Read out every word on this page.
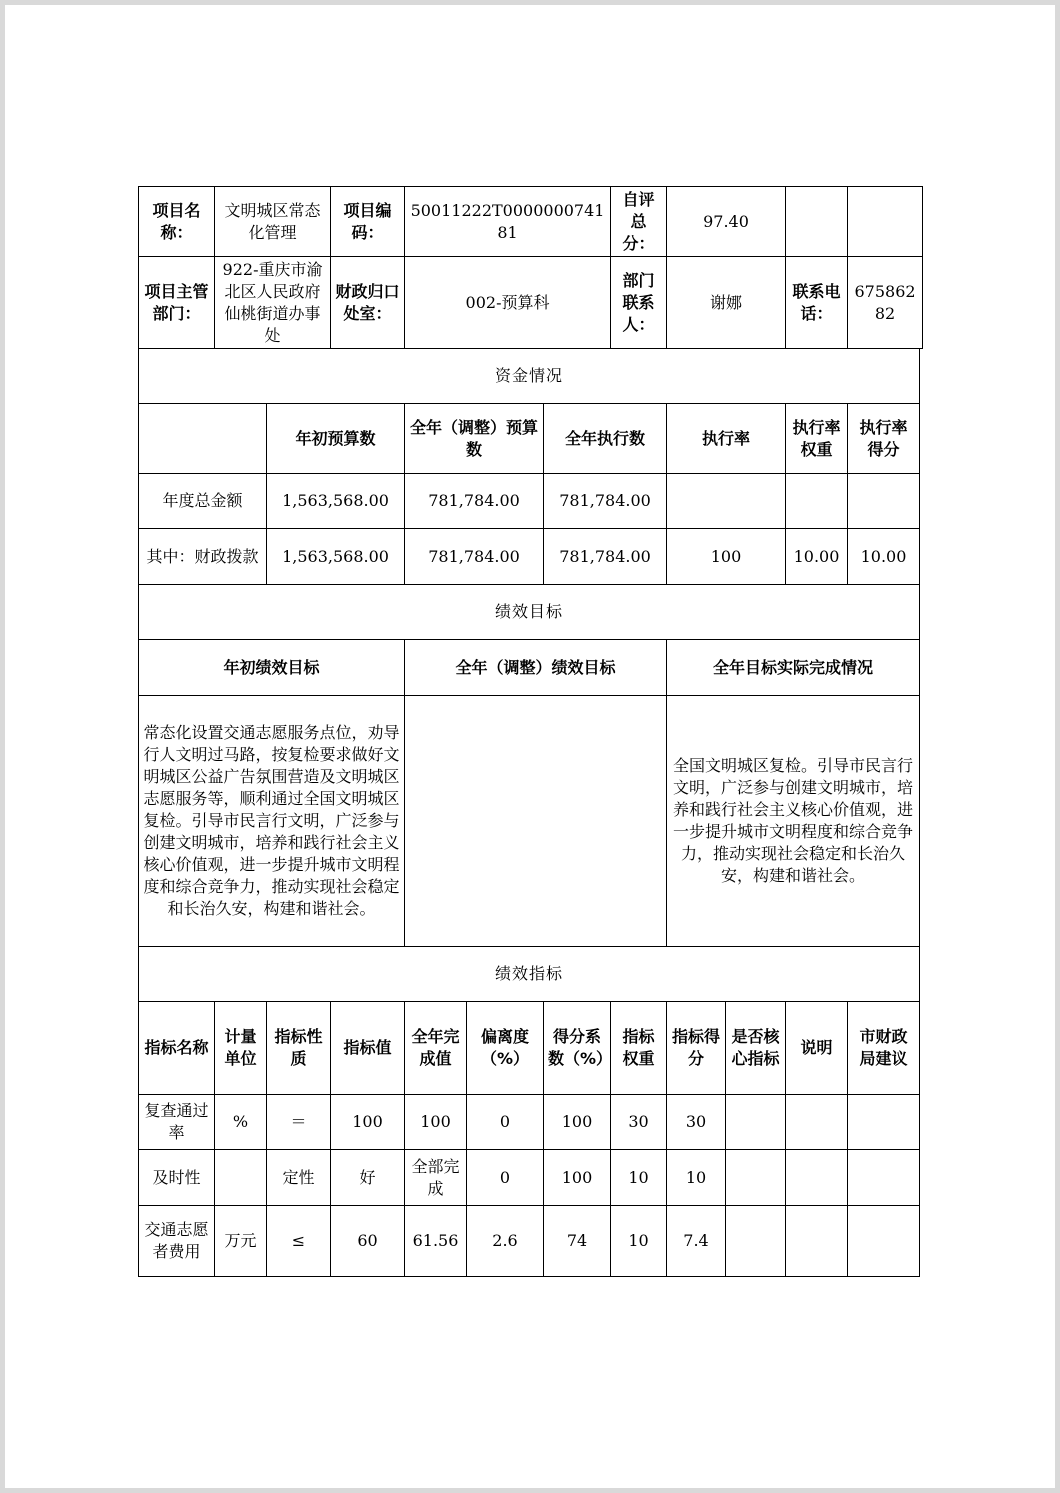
项目名称：	文明城区常态化管理		项目编码：	50011222T000000074181			自评总分：	97.40			
项目主管部门：	922-重庆市渝北区人民政府仙桃街道办事处		财政归口处室：	002-预算科			部门联系人：	谢娜		联系电话：	67586282
资金情况											
		年初预算数		全年（调整）预算数		全年执行数		执行率		执行率权重	执行率得分
年度总金额		1,563,568.00		781,784.00		781,784.00					
其中：财政拨款		1,563,568.00		781,784.00		781,784.00		100		10.00	10.00
绩效目标											
年初绩效目标				全年（调整）绩效目标				全年目标实际完成情况			
常态化设置交通志愿服务点位，劝导行人文明过马路，按复检要求做好文明城区公益广告氛围营造及文明城区志愿服务等，顺利通过全国文明城区复检。引导市民言行文明，广泛参与创建文明城市，培养和践行社会主义核心价值观，进一步提升城市文明程度和综合竞争力，推动实现社会稳定和长治久安，构建和谐社会。								全国文明城区复检。引导市民言行文明，广泛参与创建文明城市，培养和践行社会主义核心价值观，进一步提升城市文明程度和综合竞争力，推动实现社会稳定和长治久安，构建和谐社会。			
绩效指标											
指标名称	计量单位	指标性质	指标值	全年完成值	偏离度（%）	得分系数（%）	指标权重	指标得分	是否核心指标	说明	市财政局建议
复查通过率	%	＝	100	100	0	100	30	30			
及时性		定性	好	全部完成	0	100	10	10			
交通志愿者费用	万元	≤	60	61.56	2.6	74	10	7.4			
